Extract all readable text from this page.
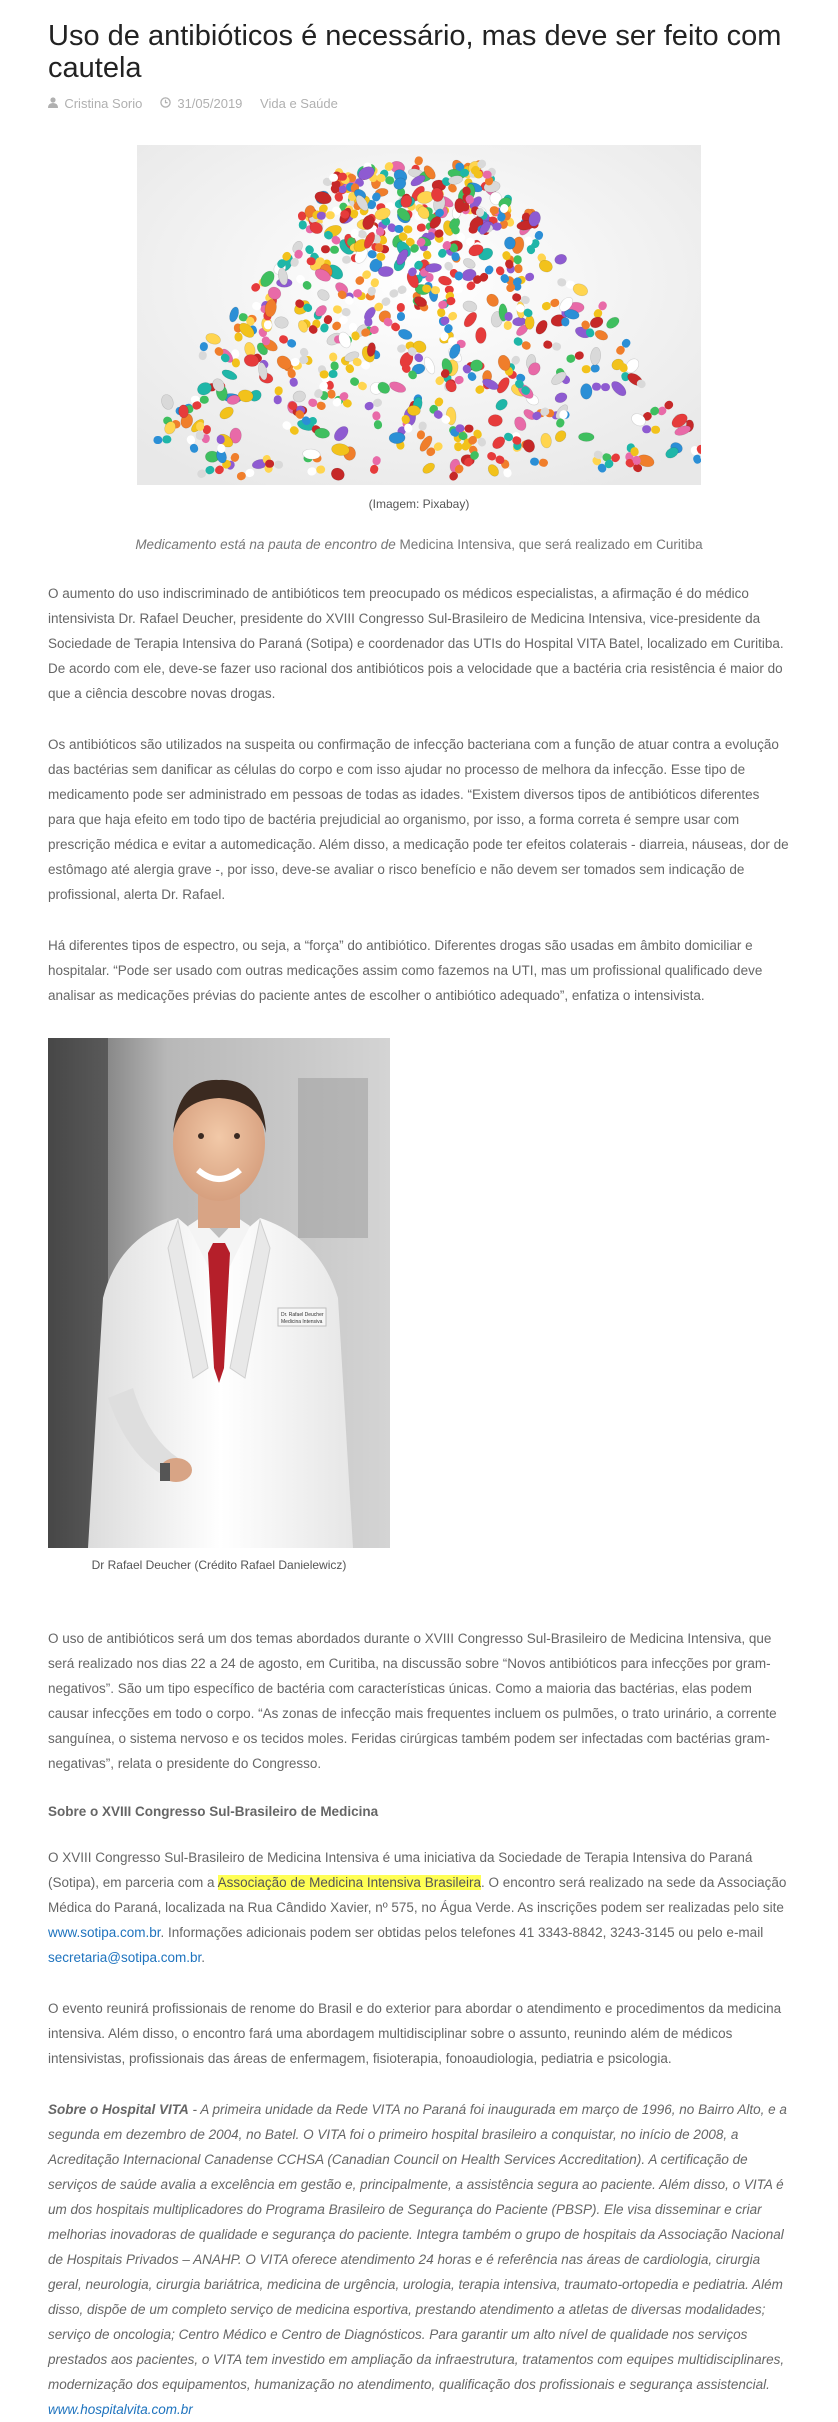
Uso de antibióticos é necessário, mas deve ser feito com cautela
Cristina Sorio	31/05/2019 Vida e Saúde
(Imagem: Pixabay)
Medicamento está na pauta de encontro de Medicina Intensiva, que será realizado em Curitiba

O aumento do uso indiscriminado de antibióticos tem preocupado os médicos especialistas, a afirmação é do médico intensivista Dr. Rafael Deucher, presidente do XVIII Congresso Sul-Brasileiro de Medicina Intensiva, vice-presidente da Sociedade de Terapia Intensiva do Paraná (Sotipa) e coordenador das UTIs do Hospital VITA Batel, localizado em Curitiba. De acordo com ele, deve-se fazer uso racional dos antibióticos pois a velocidade que a bactéria cria resistência é maior do que a ciência descobre novas drogas.

Os antibióticos são utilizados na suspeita ou confirmação de infecção bacteriana com a função de atuar contra a evolução das bactérias sem danificar as células do corpo e com isso ajudar no processo de melhora da infecção. Esse tipo de medicamento pode ser administrado em pessoas de todas as idades. “Existem diversos tipos de antibióticos diferentes para que haja efeito em todo tipo de bactéria prejudicial ao organismo, por isso, a forma correta é sempre usar com prescrição médica e evitar a automedicação. Além disso, a medicação pode ter efeitos colaterais - diarreia, náuseas, dor de estômago até alergia grave -, por isso, deve-se avaliar o risco benefício e não devem ser tomados sem indicação de profissional, alerta Dr. Rafael.

Há diferentes tipos de espectro, ou seja, a “força” do antibiótico. Diferentes drogas são usadas em âmbito domiciliar e hospitalar. “Pode ser usado com outras medicações assim como fazemos na UTI, mas um profissional qualificado deve analisar as medicações prévias do paciente antes de escolher o antibiótico adequado”, enfatiza o intensivista.

Dr. Rafael Deucher
Medicina Intensiva
Dr Rafael Deucher (Crédito Rafael Danielewicz)

O uso de antibióticos será um dos temas abordados durante o XVIII Congresso Sul-Brasileiro de Medicina Intensiva, que será realizado nos dias 22 a 24 de agosto, em Curitiba, na discussão sobre “Novos antibióticos para infecções por gram-negativos”. São um tipo específico de bactéria com características únicas. Como a maioria das bactérias, elas podem causar infecções em todo o corpo. “As zonas de infecção mais frequentes incluem os pulmões, o trato urinário, a corrente sanguínea, o sistema nervoso e os tecidos moles. Feridas cirúrgicas também podem ser infectadas com bactérias gram-negativas”, relata o presidente do Congresso.

Sobre o XVIII Congresso Sul-Brasileiro de Medicina

O XVIII Congresso Sul-Brasileiro de Medicina Intensiva é uma iniciativa da Sociedade de Terapia Intensiva do Paraná (Sotipa), em parceria com a Associação de Medicina Intensiva Brasileira. O encontro será realizado na sede da Associação Médica do Paraná, localizada na Rua Cândido Xavier, nº 575, no Água Verde. As inscrições podem ser realizadas pelo site www.sotipa.com.br. Informações adicionais podem ser obtidas pelos telefones 41 3343-8842, 3243-3145 ou pelo e-mail secretaria@sotipa.com.br.

O evento reunirá profissionais de renome do Brasil e do exterior para abordar o atendimento e procedimentos da medicina intensiva. Além disso, o encontro fará uma abordagem multidisciplinar sobre o assunto, reunindo além de médicos intensivistas, profissionais das áreas de enfermagem, fisioterapia, fonoaudiologia, pediatria e psicologia.

Sobre o Hospital VITA - A primeira unidade da Rede VITA no Paraná foi inaugurada em março de 1996, no Bairro Alto, e a segunda em dezembro de 2004, no Batel. O VITA foi o primeiro hospital brasileiro a conquistar, no início de 2008, a Acreditação Internacional Canadense CCHSA (Canadian Council on Health Services Accreditation). A certificação de serviços de saúde avalia a excelência em gestão e, principalmente, a assistência segura ao paciente. Além disso, o VITA é um dos hospitais multiplicadores do Programa Brasileiro de Segurança do Paciente (PBSP). Ele visa disseminar e criar melhorias inovadoras de qualidade e segurança do paciente. Integra também o grupo de hospitais da Associação Nacional de Hospitais Privados – ANAHP. O VITA oferece atendimento 24 horas e é referência nas áreas de cardiologia, cirurgia geral, neurologia, cirurgia bariátrica, medicina de urgência, urologia, terapia intensiva, traumato-ortopedia e pediatria. Além disso, dispõe de um completo serviço de medicina esportiva, prestando atendimento a atletas de diversas modalidades; serviço de oncologia; Centro Médico e Centro de Diagnósticos. Para garantir um alto nível de qualidade nos serviços prestados aos pacientes, o VITA tem investido em ampliação da infraestrutura, tratamentos com equipes multidisciplinares, modernização dos equipamentos, humanização no atendimento, qualificação dos profissionais e segurança assistencial. www.hospitalvita.com.br
